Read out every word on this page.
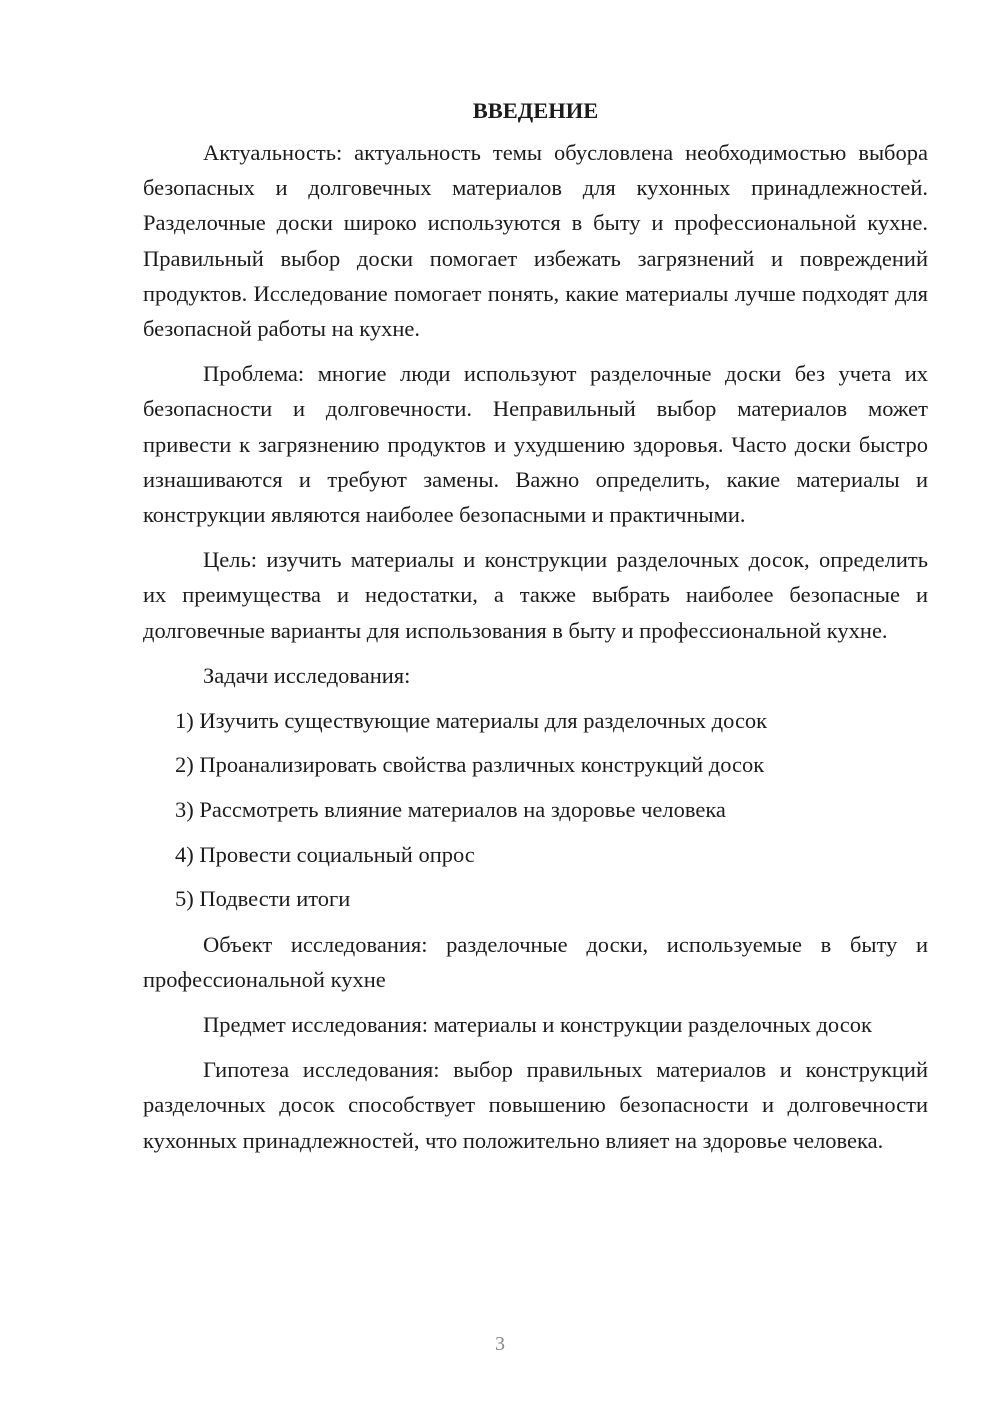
ВВЕДЕНИЕ

Актуальность: актуальность темы обусловлена необходимостью выбора безопасных и долговечных материалов для кухонных принадлежностей. Разделочные доски широко используются в быту и профессиональной кухне. Правильный выбор доски помогает избежать загрязнений и повреждений продуктов. Исследование помогает понять, какие материалы лучше подходят для безопасной работы на кухне.

Проблема: многие люди используют разделочные доски без учета их безопасности и долговечности. Неправильный выбор материалов может привести к загрязнению продуктов и ухудшению здоровья. Часто доски быстро изнашиваются и требуют замены. Важно определить, какие материалы и конструкции являются наиболее безопасными и практичными.

Цель: изучить материалы и конструкции разделочных досок, определить их преимущества и недостатки, а также выбрать наиболее безопасные и долговечные варианты для использования в быту и профессиональной кухне.

Задачи исследования:

1) Изучить существующие материалы для разделочных досок
2) Проанализировать свойства различных конструкций досок
3) Рассмотреть влияние материалов на здоровье человека
4) Провести социальный опрос
5) Подвести итоги

Объект исследования: разделочные доски, используемые в быту и профессиональной кухне

Предмет исследования: материалы и конструкции разделочных досок

Гипотеза исследования: выбор правильных материалов и конструкций разделочных досок способствует повышению безопасности и долговечности кухонных принадлежностей, что положительно влияет на здоровье человека.

3
